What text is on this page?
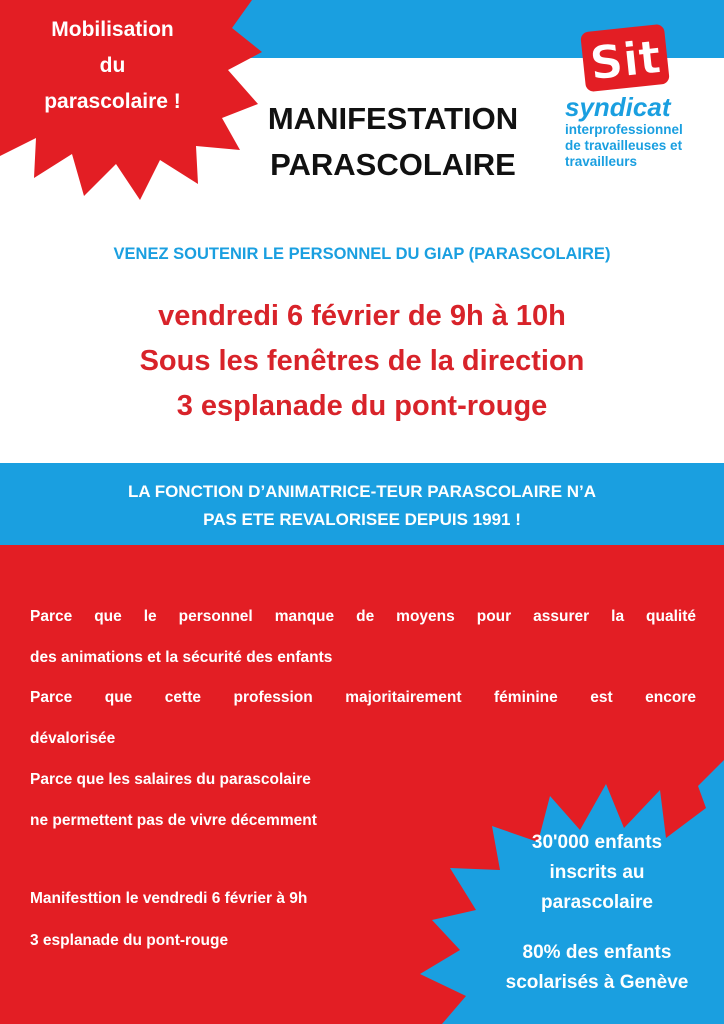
Mobilisation
du
parascolaire !	MANIFESTATION
PARASCOLAIRE
Sit
syndicat
interprofessionnel
de travailleuses et
travailleurs
VENEZ SOUTENIR LE PERSONNEL DU GIAP (PARASCOLAIRE)
vendredi 6 février de 9h à 10h
Sous les fenêtres de la direction
3 esplanade du pont-rouge
LA FONCTION D’ANIMATRICE-TEUR PARASCOLAIRE N’A
PAS ETE REVALORISEE DEPUIS 1991 !
Parce que le personnel manque de moyens pour assurer la qualité
des animations et la sécurité des enfants
Parce que cette profession majoritairement féminine est encore
dévalorisée
Parce que les salaires du parascolaire
ne permettent pas de vivre décemment
Manifesttion le vendredi 6 février à 9h
3 esplanade du pont-rouge
30'000 enfants
inscrits au
parascolaire
80% des enfants
scolarisés à Genève
